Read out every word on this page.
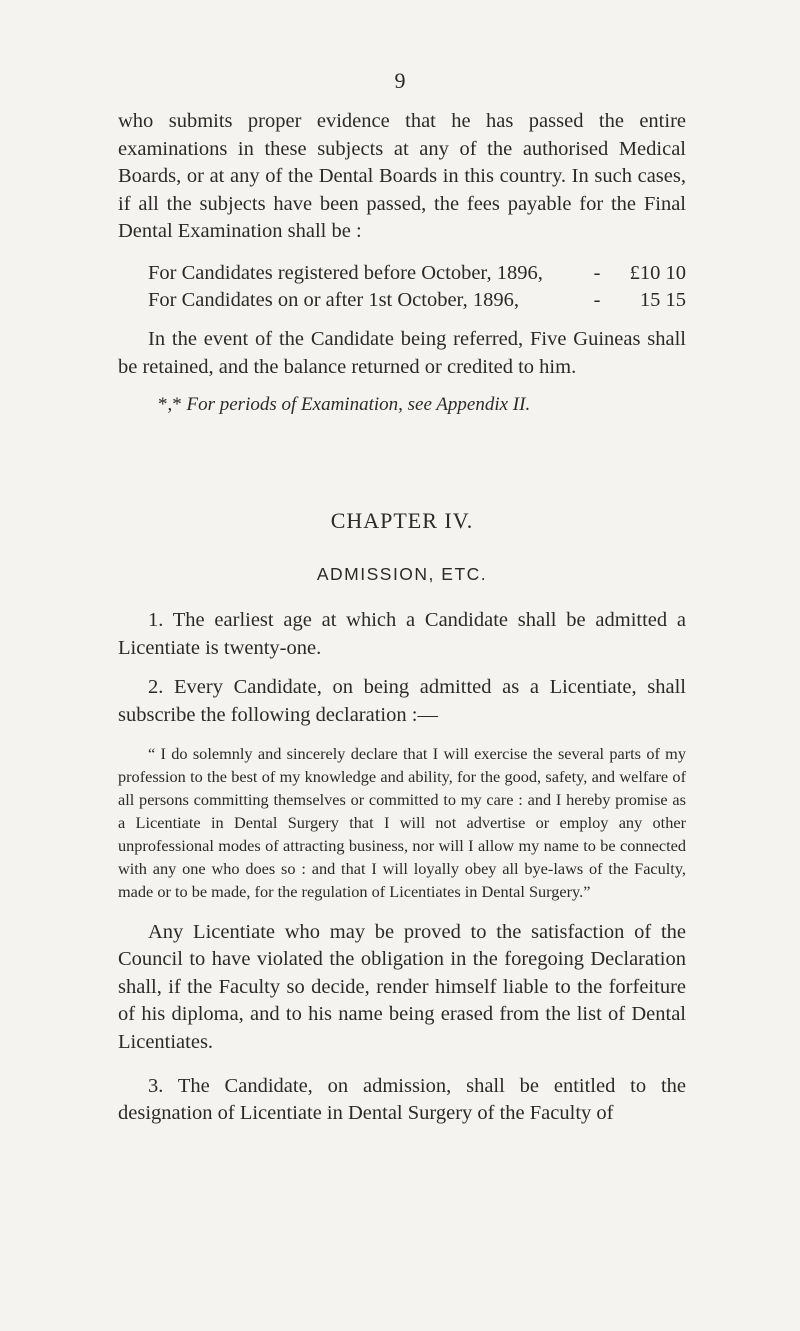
9

who submits proper evidence that he has passed the entire examinations in these subjects at any of the authorised Medical Boards, or at any of the Dental Boards in this country. In such cases, if all the subjects have been passed, the fees payable for the Final Dental Examination shall be :

For Candidates registered before October, 1896,	-	£10 10
For Candidates on or after 1st October, 1896,	-	15 15

In the event of the Candidate being referred, Five Guineas shall be retained, and the balance returned or credited to him.

*,* For periods of Examination, see Appendix II.

CHAPTER IV.
ADMISSION, ETC.

1. The earliest age at which a Candidate shall be admitted a Licentiate is twenty-one.

2. Every Candidate, on being admitted as a Licentiate, shall subscribe the following declaration :—

“ I do solemnly and sincerely declare that I will exercise the several parts of my profession to the best of my knowledge and ability, for the good, safety, and welfare of all persons committing themselves or committed to my care : and I hereby promise as a Licentiate in Dental Surgery that I will not advertise or employ any other unprofessional modes of attracting business, nor will I allow my name to be connected with any one who does so : and that I will loyally obey all bye-laws of the Faculty, made or to be made, for the regulation of Licentiates in Dental Surgery.”

Any Licentiate who may be proved to the satisfaction of the Council to have violated the obligation in the foregoing Declaration shall, if the Faculty so decide, render himself liable to the forfeiture of his diploma, and to his name being erased from the list of Dental Licentiates.

3. The Candidate, on admission, shall be entitled to the designation of Licentiate in Dental Surgery of the Faculty of
